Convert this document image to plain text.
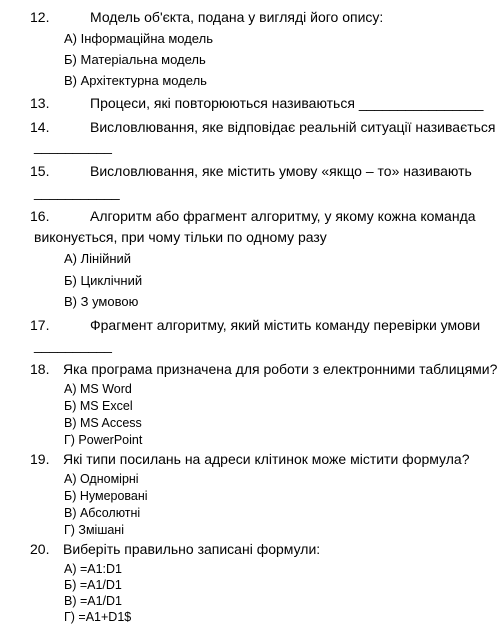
12.	Модель об'єкта, подана у вигляді його опису:
А) Інформаційна модель
Б) Матеріальна модель
В) Архітектурна модель
13.	Процеси, які повторюються називаються ________________
14.	Висловлювання, яке відповідає реальній ситуації називається
__________
15.	Висловлювання, яке містить умову «якщо – то» називають
___________
16.	Алгоритм або фрагмент алгоритму, у якому кожна команда
виконується, при чому тільки по одному разу
А) Лінійний
Б) Циклічний
В) З умовою
17.	Фрагмент алгоритму, який містить команду перевірки умови
__________
18. Яка програма призначена для роботи з електронними таблицями?
А) MS Word
Б) MS Excel
В) MS Access
Г) PowerPoint
19. Які типи посилань на адреси клітинок може містити формула?
А) Одномірні
Б) Нумеровані
В) Абсолютні
Г) Змішані
20. Виберіть правильно записані формули:
А) =A1:D1
Б) =A1/D1
В) =A1/D1
Г) =A1+D1$
